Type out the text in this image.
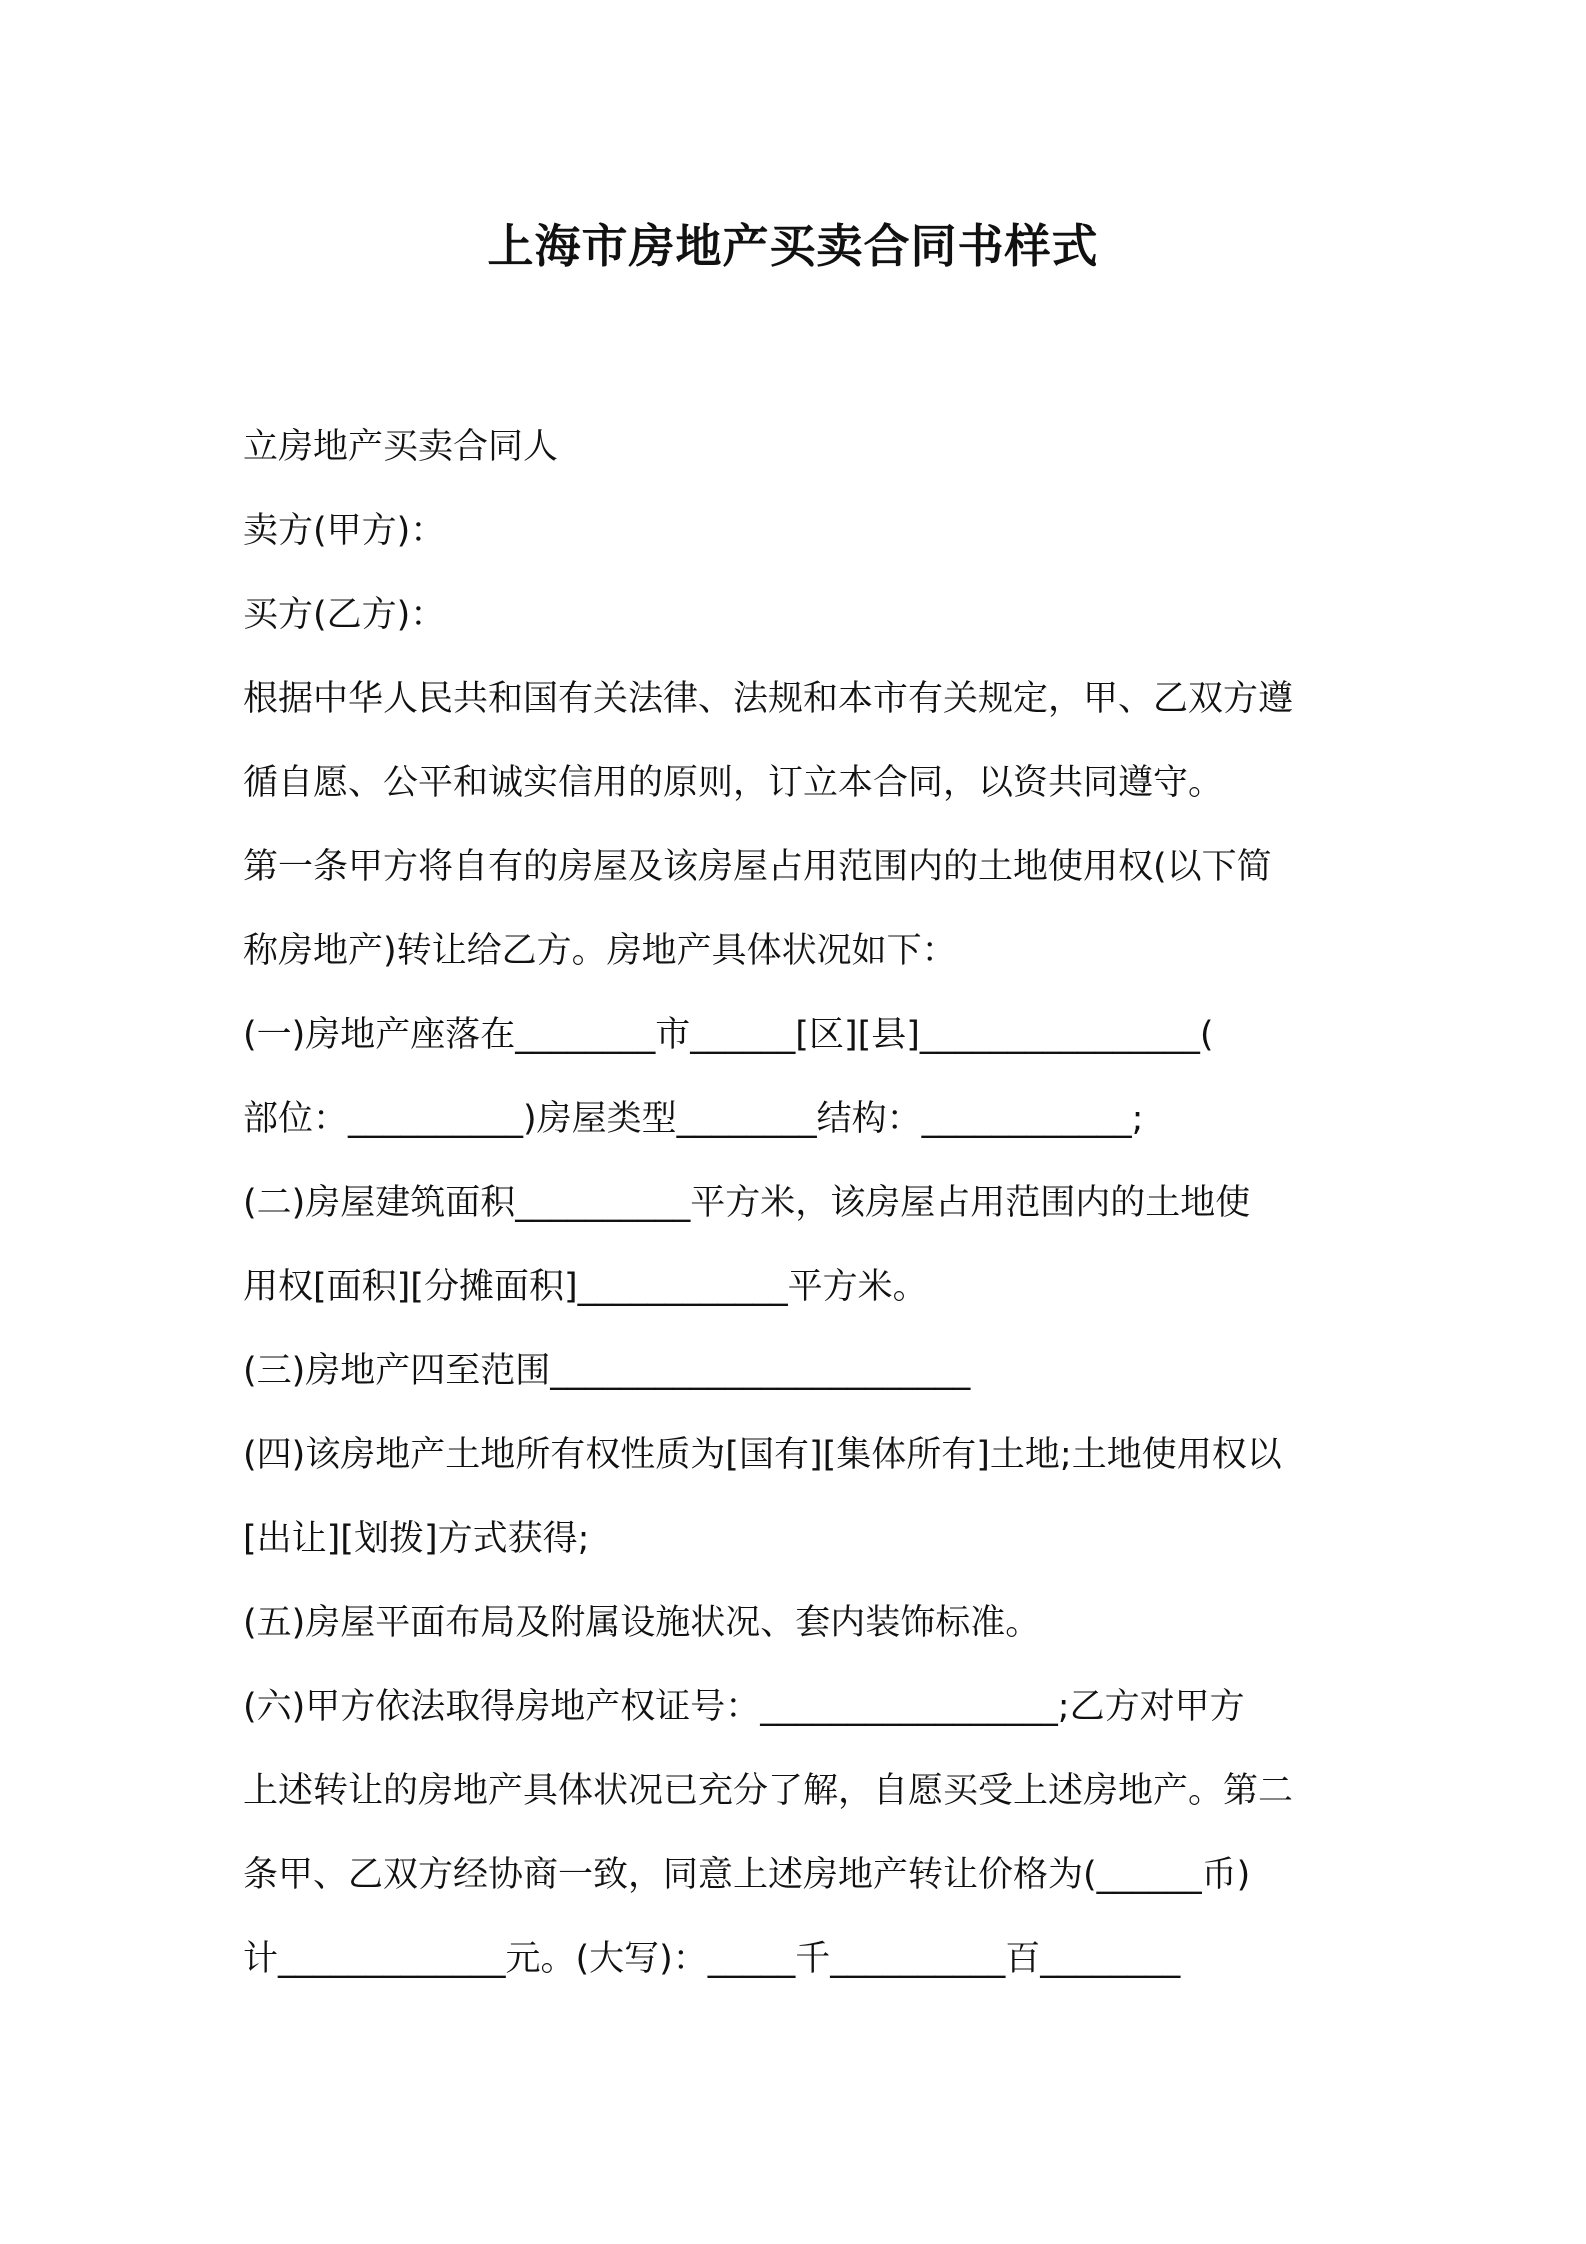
上海市房地产买卖合同书样式

立房地产买卖合同人

卖方(甲方)：

买方(乙方)：

根据中华人民共和国有关法律、法规和本市有关规定，甲、乙双方遵

循自愿、公平和诚实信用的原则，订立本合同，以资共同遵守。

第一条甲方将自有的房屋及该房屋占用范围内的土地使用权(以下简

称房地产)转让给乙方。房地产具体状况如下：

(一)房地产座落在________市______[区][县]________________(

部位：__________)房屋类型________结构：____________;

(二)房屋建筑面积__________平方米，该房屋占用范围内的土地使

用权[面积][分摊面积]____________平方米。

(三)房地产四至范围________________________

(四)该房地产土地所有权性质为[国有][集体所有]土地;土地使用权以

[出让][划拨]方式获得;

(五)房屋平面布局及附属设施状况、套内装饰标准。

(六)甲方依法取得房地产权证号：_________________;乙方对甲方

上述转让的房地产具体状况已充分了解，自愿买受上述房地产。第二

条甲、乙双方经协商一致，同意上述房地产转让价格为(______币)

计_____________元。(大写)：_____千__________百________
